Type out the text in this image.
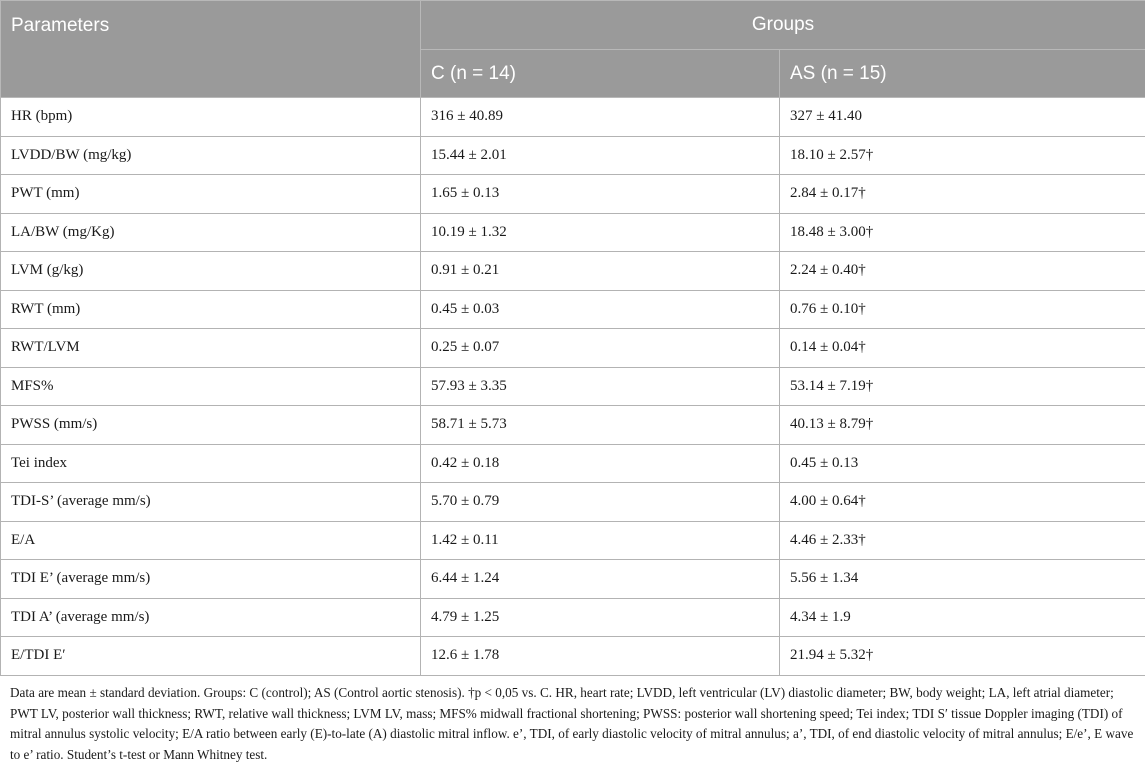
Parameters	Groups	
	C (n = 14)	AS (n = 15)
HR (bpm)	316 ± 40.89	327 ± 41.40
LVDD/BW (mg/kg)	15.44 ± 2.01	18.10 ± 2.57†
PWT (mm)	1.65 ± 0.13	2.84 ± 0.17†
LA/BW (mg/Kg)	10.19 ± 1.32	18.48 ± 3.00†
LVM (g/kg)	0.91 ± 0.21	2.24 ± 0.40†
RWT (mm)	0.45 ± 0.03	0.76 ± 0.10†
RWT/LVM	0.25 ± 0.07	0.14 ± 0.04†
MFS%	57.93 ± 3.35	53.14 ± 7.19†
PWSS (mm/s)	58.71 ± 5.73	40.13 ± 8.79†
Tei index	0.42 ± 0.18	0.45 ± 0.13
TDI-S’ (average mm/s)	5.70 ± 0.79	4.00 ± 0.64†
E/A	1.42 ± 0.11	4.46 ± 2.33†
TDI E’ (average mm/s)	6.44 ± 1.24	5.56 ± 1.34
TDI A’ (average mm/s)	4.79 ± 1.25	4.34 ± 1.9
E/TDI E′	12.6 ± 1.78	21.94 ± 5.32†
Data are mean ± standard deviation. Groups: C (control); AS (Control aortic stenosis). †p < 0,05 vs. C. HR, heart rate; LVDD, left ventricular (LV) diastolic diameter; BW, body weight; LA, left atrial diameter; PWT LV, posterior wall thickness; RWT, relative wall thickness; LVM LV, mass; MFS% midwall fractional shortening; PWSS: posterior wall shortening speed; Tei index; TDI S′ tissue Doppler imaging (TDI) of mitral annulus systolic velocity; E/A ratio between early (E)-to-late (A) diastolic mitral inflow. e’, TDI, of early diastolic velocity of mitral annulus; a’, TDI, of end diastolic velocity of mitral annulus; E/e’, E wave to e’ ratio. Student’s t-test or Mann Whitney test.
